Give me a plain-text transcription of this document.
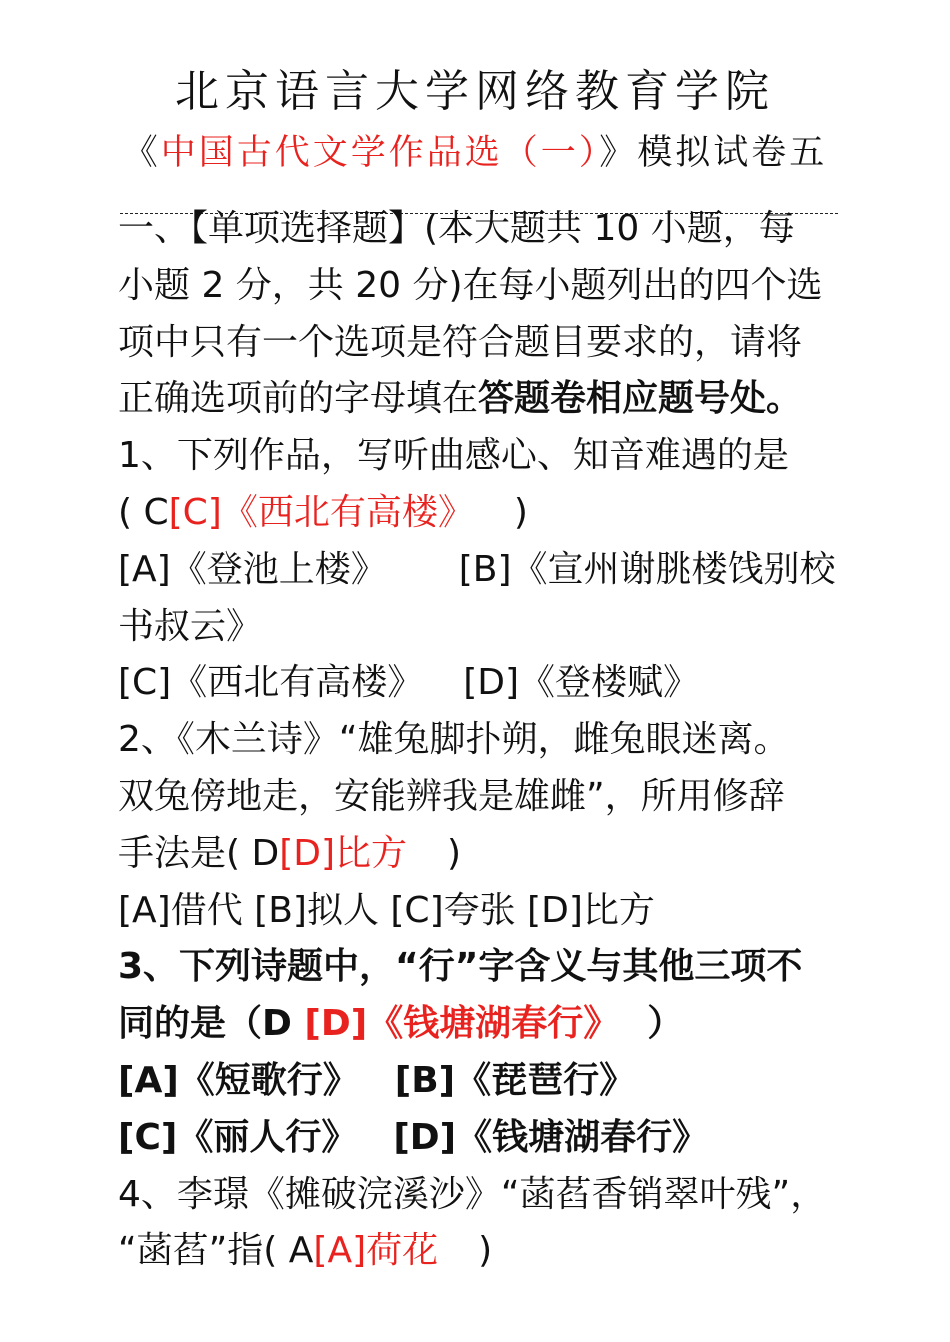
北京语言大学网络教育学院
《中国古代文学作品选（一）》模拟试卷五
一、【单项选择题】(本大题共 10 小题，每
小题 2 分，共 20 分)在每小题列出的四个选
项中只有一个选项是符合题目要求的，请将
正确选项前的字母填在答题卷相应题号处。
1、下列作品，写听曲感心、知音难遇的是
( C[C]《西北有高楼》 )
[A]《登池上楼》 [B]《宣州谢朓楼饯别校
书叔云》
[C]《西北有高楼》 [D]《登楼赋》
2、《木兰诗》“雄兔脚扑朔，雌兔眼迷离。
双兔傍地走，安能辨我是雄雌”，所用修辞
手法是( D[D]比方 )
[A]借代 [B]拟人 [C]夸张 [D]比方
3、下列诗题中，“行”字含义与其他三项不
同的是（D [D]《钱塘湖春行》 ）
[A]《短歌行》 [B]《琵琶行》
[C]《丽人行》 [D]《钱塘湖春行》
4、李璟《摊破浣溪沙》“菡萏香销翠叶残”，
“菡萏”指( A[A]荷花 )
